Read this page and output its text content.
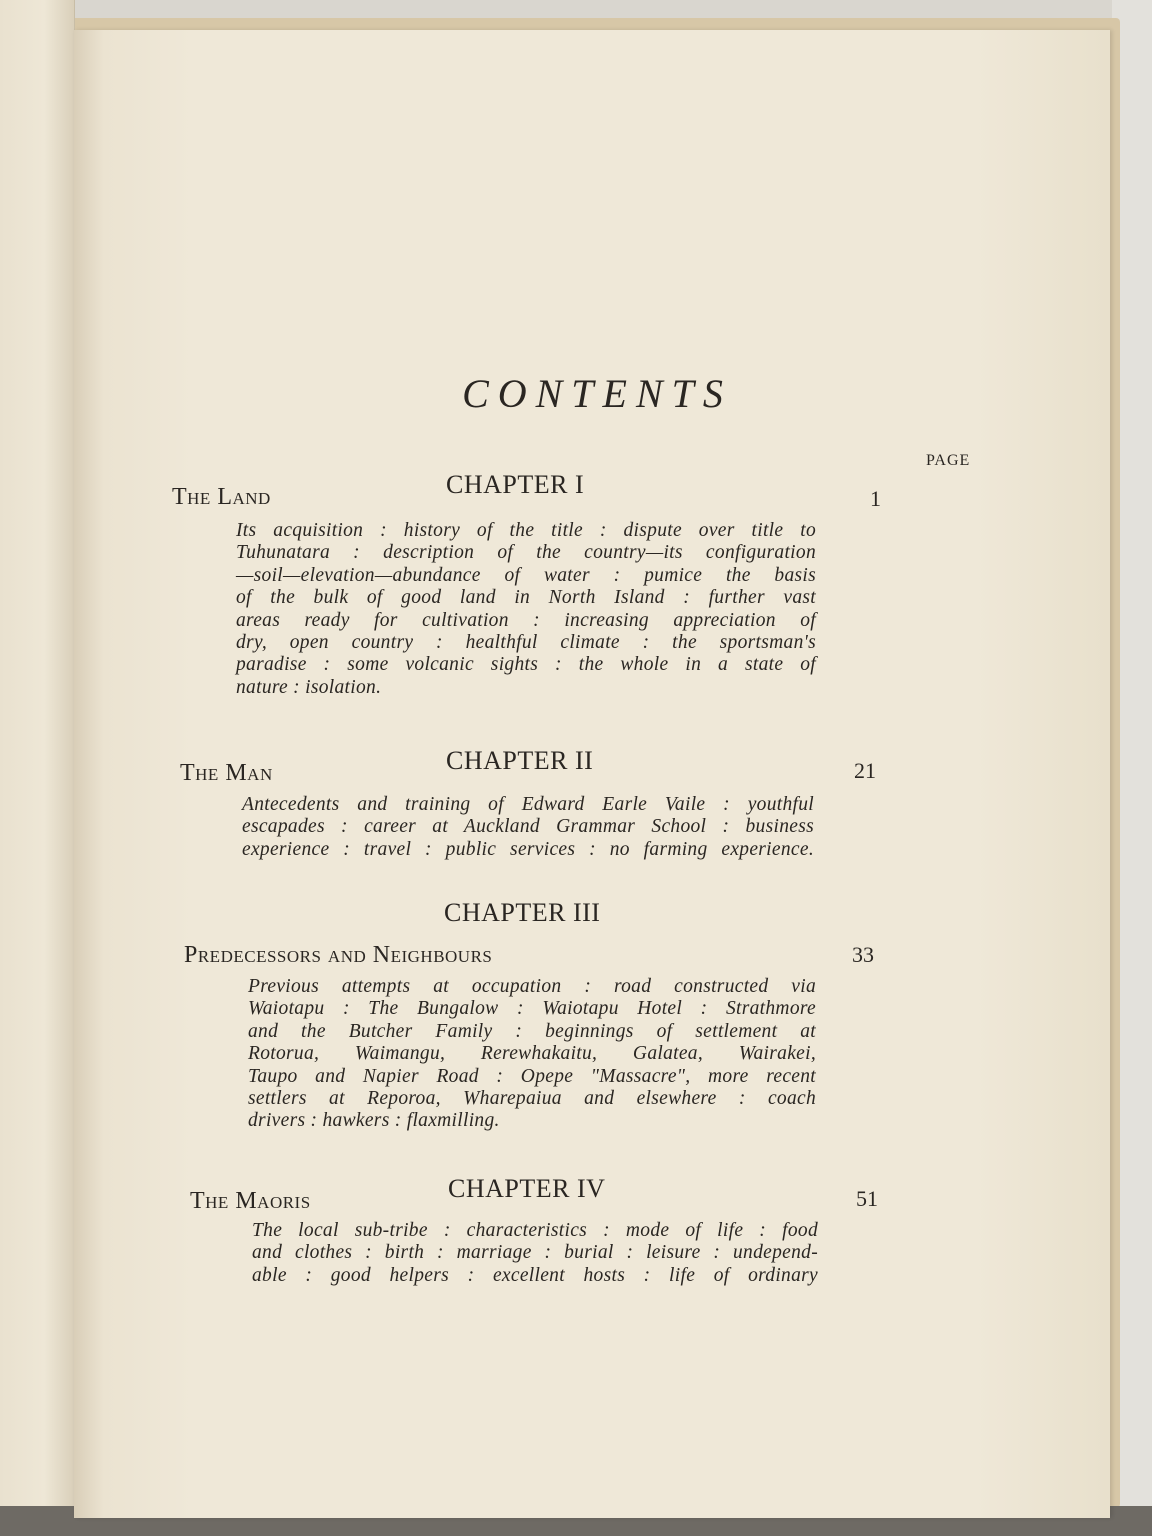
CONTENTS
PAGE
CHAPTER I
The Land	1
Its acquisition : history of the title : dispute over title to
Tuhunatara : description of the country—its configuration
—soil—elevation—abundance of water : pumice the basis
of the bulk of good land in North Island : further vast
areas ready for cultivation : increasing appreciation of
dry, open country : healthful climate : the sportsman's
paradise : some volcanic sights : the whole in a state of
nature : isolation.
CHAPTER II
The Man	21
Antecedents and training of Edward Earle Vaile : youthful
escapades : career at Auckland Grammar School : business
experience : travel : public services : no farming experience.
CHAPTER III
Predecessors and Neighbours	33
Previous attempts at occupation : road constructed via
Waiotapu : The Bungalow : Waiotapu Hotel : Strathmore
and the Butcher Family : beginnings of settlement at
Rotorua, Waimangu, Rerewhakaitu, Galatea, Wairakei,
Taupo and Napier Road : Opepe "Massacre", more recent
settlers at Reporoa, Wharepaiua and elsewhere : coach
drivers : hawkers : flaxmilling.
CHAPTER IV
The Maoris	51
The local sub-tribe : characteristics : mode of life : food
and clothes : birth : marriage : burial : leisure : undepend-
able : good helpers : excellent hosts : life of ordinary
